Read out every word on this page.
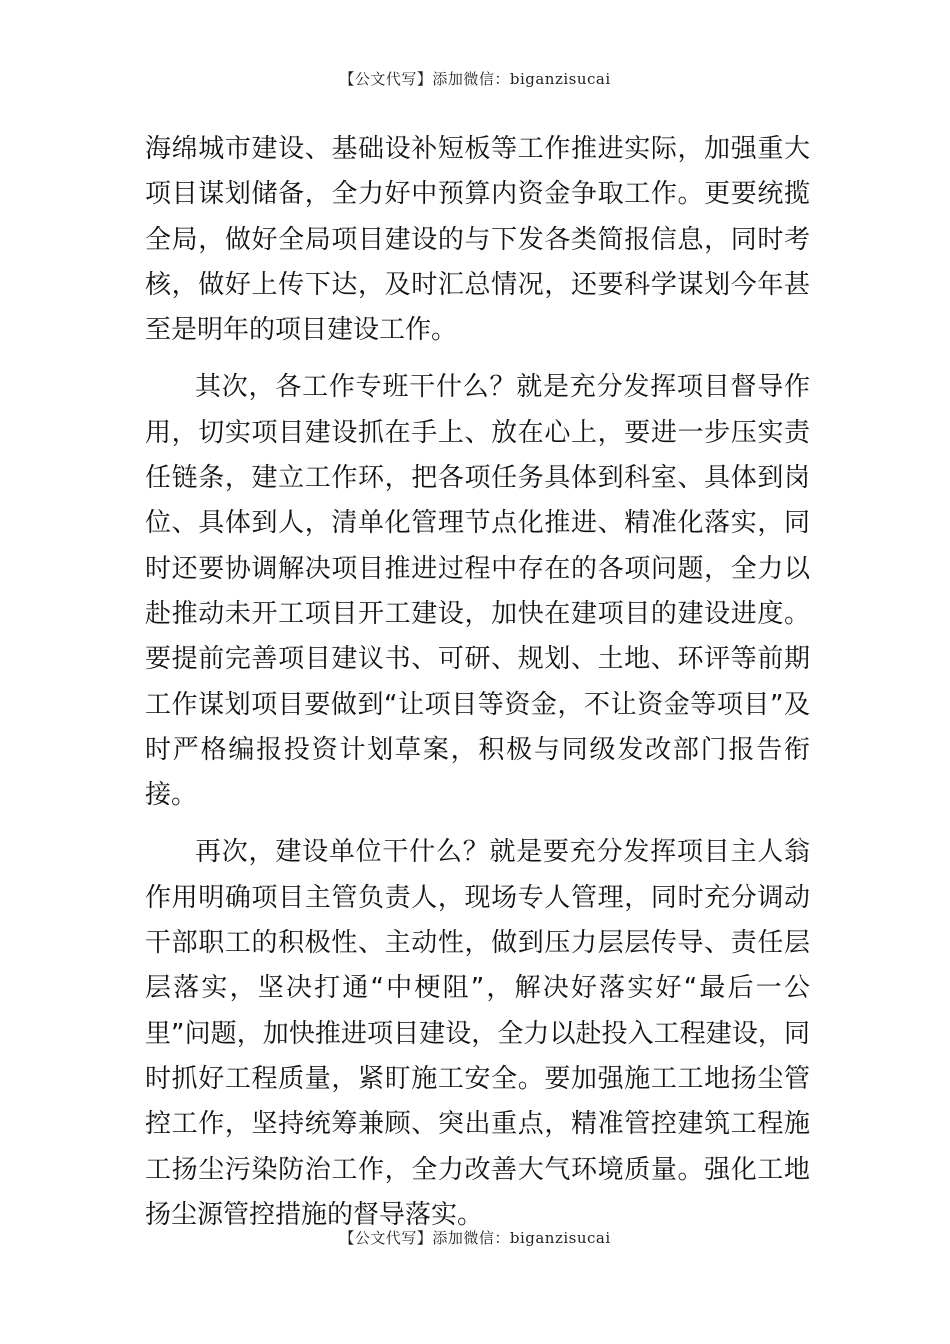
【公文代写】添加微信：biganzisucai

海绵城市建设、基础设补短板等工作推进实际，加强重大项目谋划储备，全力好中预算内资金争取工作。更要统揽全局，做好全局项目建设的与下发各类简报信息，同时考核，做好上传下达，及时汇总情况，还要科学谋划今年甚至是明年的项目建设工作。

其次，各工作专班干什么？就是充分发挥项目督导作用，切实项目建设抓在手上、放在心上，要进一步压实责任链条，建立工作环，把各项任务具体到科室、具体到岗位、具体到人，清单化管理节点化推进、精准化落实，同时还要协调解决项目推进过程中存在的各项问题，全力以赴推动未开工项目开工建设，加快在建项目的建设进度。要提前完善项目建议书、可研、规划、土地、环评等前期工作谋划项目要做到“让项目等资金，不让资金等项目”及时严格编报投资计划草案，积极与同级发改部门报告衔接。

再次，建设单位干什么？就是要充分发挥项目主人翁作用明确项目主管负责人，现场专人管理，同时充分调动干部职工的积极性、主动性，做到压力层层传导、责任层层落实，坚决打通“中梗阻”，解决好落实好“最后一公里”问题，加快推进项目建设，全力以赴投入工程建设，同时抓好工程质量，紧盯施工安全。要加强施工工地扬尘管控工作，坚持统筹兼顾、突出重点，精准管控建筑工程施工扬尘污染防治工作，全力改善大气环境质量。强化工地扬尘源管控措施的督导落实。

【公文代写】添加微信：biganzisucai
